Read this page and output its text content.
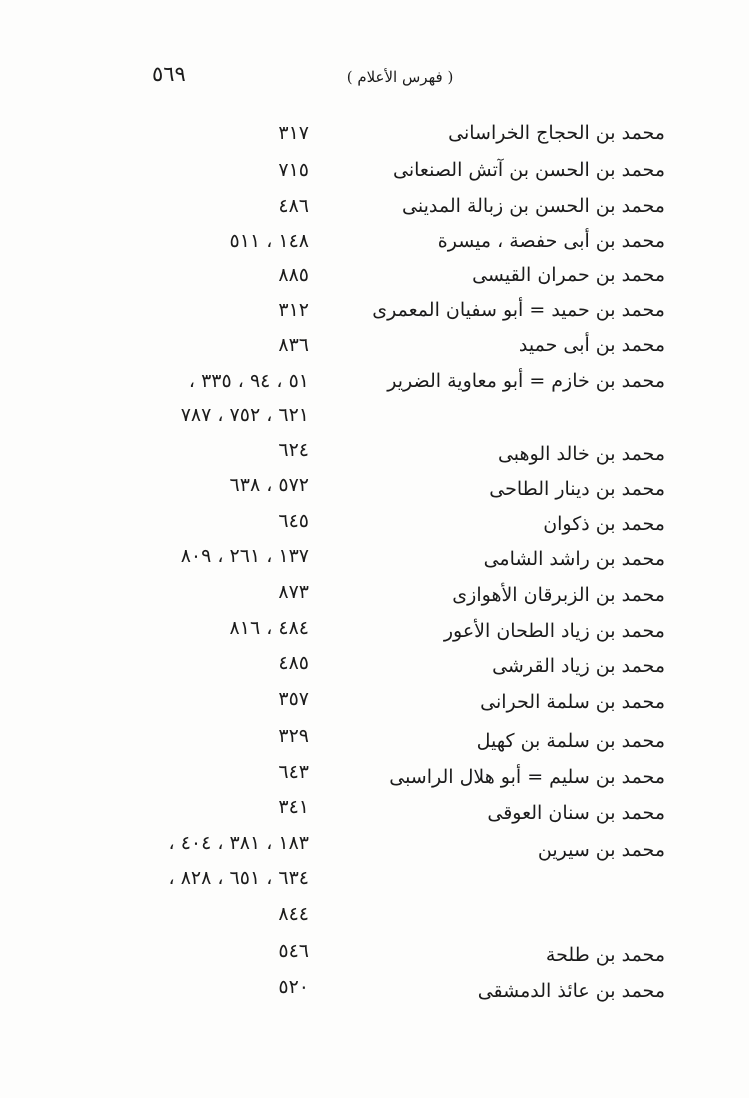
٥٦٩	( فهرس الأعلام )
محمد بن الحجاج الخراسانى
٣١٧
محمد بن الحسن بن آتش الصنعانى
٧١٥
محمد بن الحسن بن زبالة المدينى
٤٨٦
محمد بن أبى حفصة ، ميسرة
١٤٨ ، ٥١١
محمد بن حمران القيسى
٨٨٥
محمد بن حميد = أبو سفيان المعمرى
٣١٢
محمد بن أبى حميد
٨٣٦
محمد بن خازم = أبو معاوية الضرير
٥١ ، ٩٤ ، ٣٣٥ ،
٦٢١ ، ٧٥٢ ، ٧٨٧
محمد بن خالد الوهبى
٦٢٤
محمد بن دينار الطاحى
٥٧٢ ، ٦٣٨
محمد بن ذكوان
٦٤٥
محمد بن راشد الشامى
١٣٧ ، ٢٦١ ، ٨٠٩
محمد بن الزبرقان الأهوازى
٨٧٣
محمد بن زياد الطحان الأعور
٤٨٤ ، ٨١٦
محمد بن زياد القرشى
٤٨٥
محمد بن سلمة الحرانى
٣٥٧
محمد بن سلمة بن كهيل
٣٢٩
محمد بن سليم = أبو هلال الراسبى
٦٤٣
محمد بن سنان العوقى
٣٤١
محمد بن سيرين
١٨٣ ، ٣٨١ ، ٤٠٤ ،
٦٣٤ ، ٦٥١ ، ٨٢٨ ،
٨٤٤
محمد بن طلحة
٥٤٦
محمد بن عائذ الدمشقى
٥٢٠
